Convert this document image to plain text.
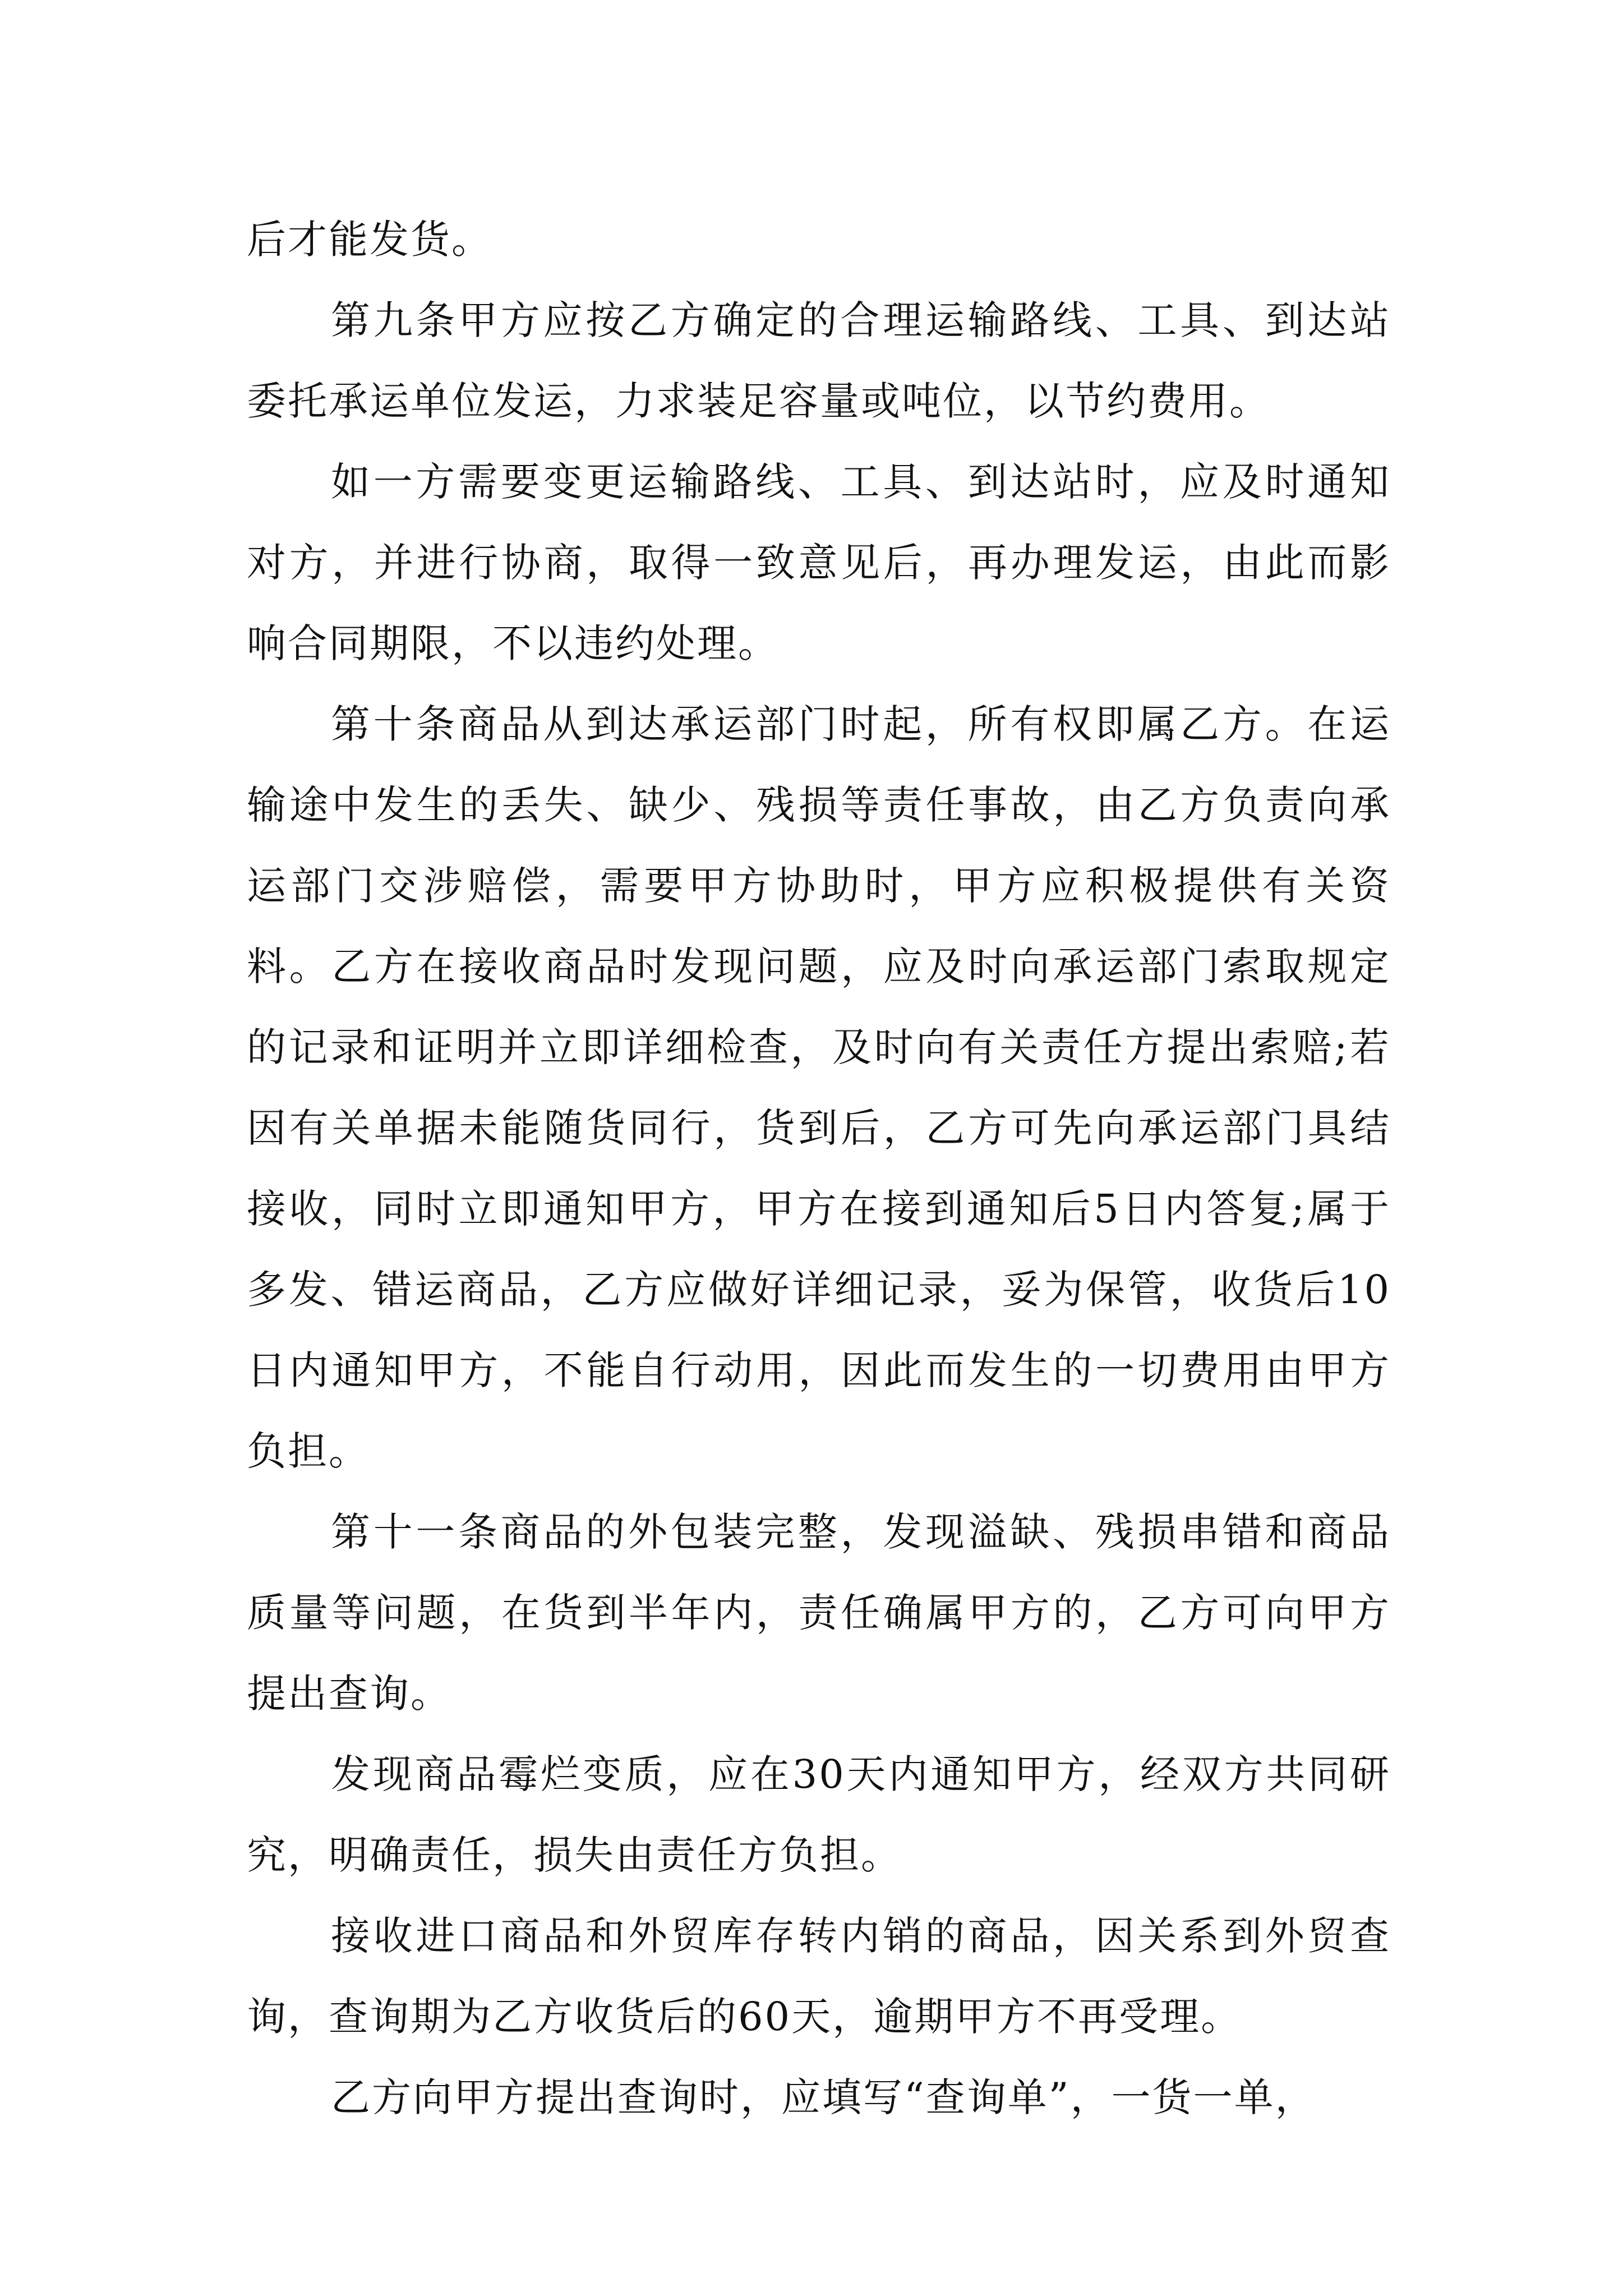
后才能发货。

第九条甲方应按乙方确定的合理运输路线、工具、到达站委托承运单位发运，力求装足容量或吨位，以节约费用。

如一方需要变更运输路线、工具、到达站时，应及时通知对方，并进行协商，取得一致意见后，再办理发运，由此而影响合同期限，不以违约处理。

第十条商品从到达承运部门时起，所有权即属乙方。在运输途中发生的丢失、缺少、残损等责任事故，由乙方负责向承运部门交涉赔偿，需要甲方协助时，甲方应积极提供有关资料。乙方在接收商品时发现问题，应及时向承运部门索取规定的记录和证明并立即详细检查，及时向有关责任方提出索赔;若因有关单据未能随货同行，货到后，乙方可先向承运部门具结接收，同时立即通知甲方，甲方在接到通知后5日内答复;属于多发、错运商品，乙方应做好详细记录，妥为保管，收货后10日内通知甲方，不能自行动用，因此而发生的一切费用由甲方负担。

第十一条商品的外包装完整，发现溢缺、残损串错和商品质量等问题，在货到半年内，责任确属甲方的，乙方可向甲方提出查询。

发现商品霉烂变质，应在30天内通知甲方，经双方共同研究，明确责任，损失由责任方负担。

接收进口商品和外贸库存转内销的商品，因关系到外贸查询，查询期为乙方收货后的60天，逾期甲方不再受理。

乙方向甲方提出查询时，应填写“查询单”，一货一单，
